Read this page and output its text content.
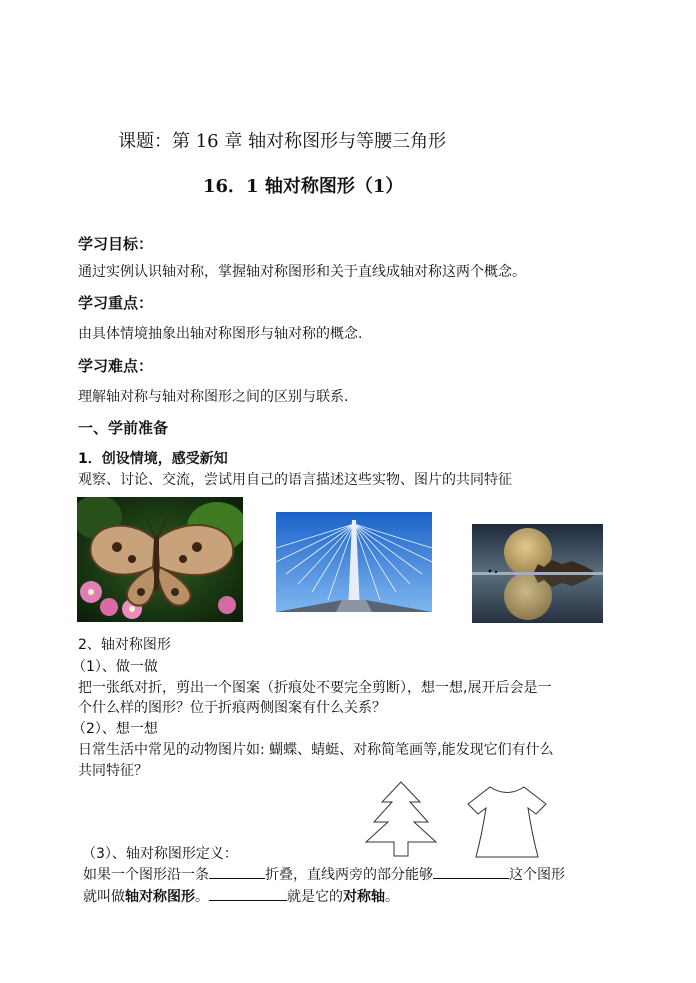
课题：第 16 章 轴对称图形与等腰三角形
16．1 轴对称图形（1）
学习目标：
通过实例认识轴对称，掌握轴对称图形和关于直线成轴对称这两个概念。
学习重点：
由具体情境抽象出轴对称图形与轴对称的概念.
学习难点：
理解轴对称与轴对称图形之间的区别与联系.
一、学前准备
1．创设情境，感受新知
观察、讨论、交流，尝试用自己的语言描述这些实物、图片的共同特征
2、轴对称图形
（1）、做一做
把一张纸对折，剪出一个图案（折痕处不要完全剪断），想一想,展开后会是一
个什么样的图形？位于折痕两侧图案有什么关系？
（2）、想一想
日常生活中常见的动物图片如: 蝴蝶、蜻蜓、对称简笔画等,能发现它们有什么
共同特征？
（3）、轴对称图形定义：
如果一个图形沿一条	折叠，直线两旁的部分能够	这个图形
就叫做轴对称图形。	就是它的对称轴。
